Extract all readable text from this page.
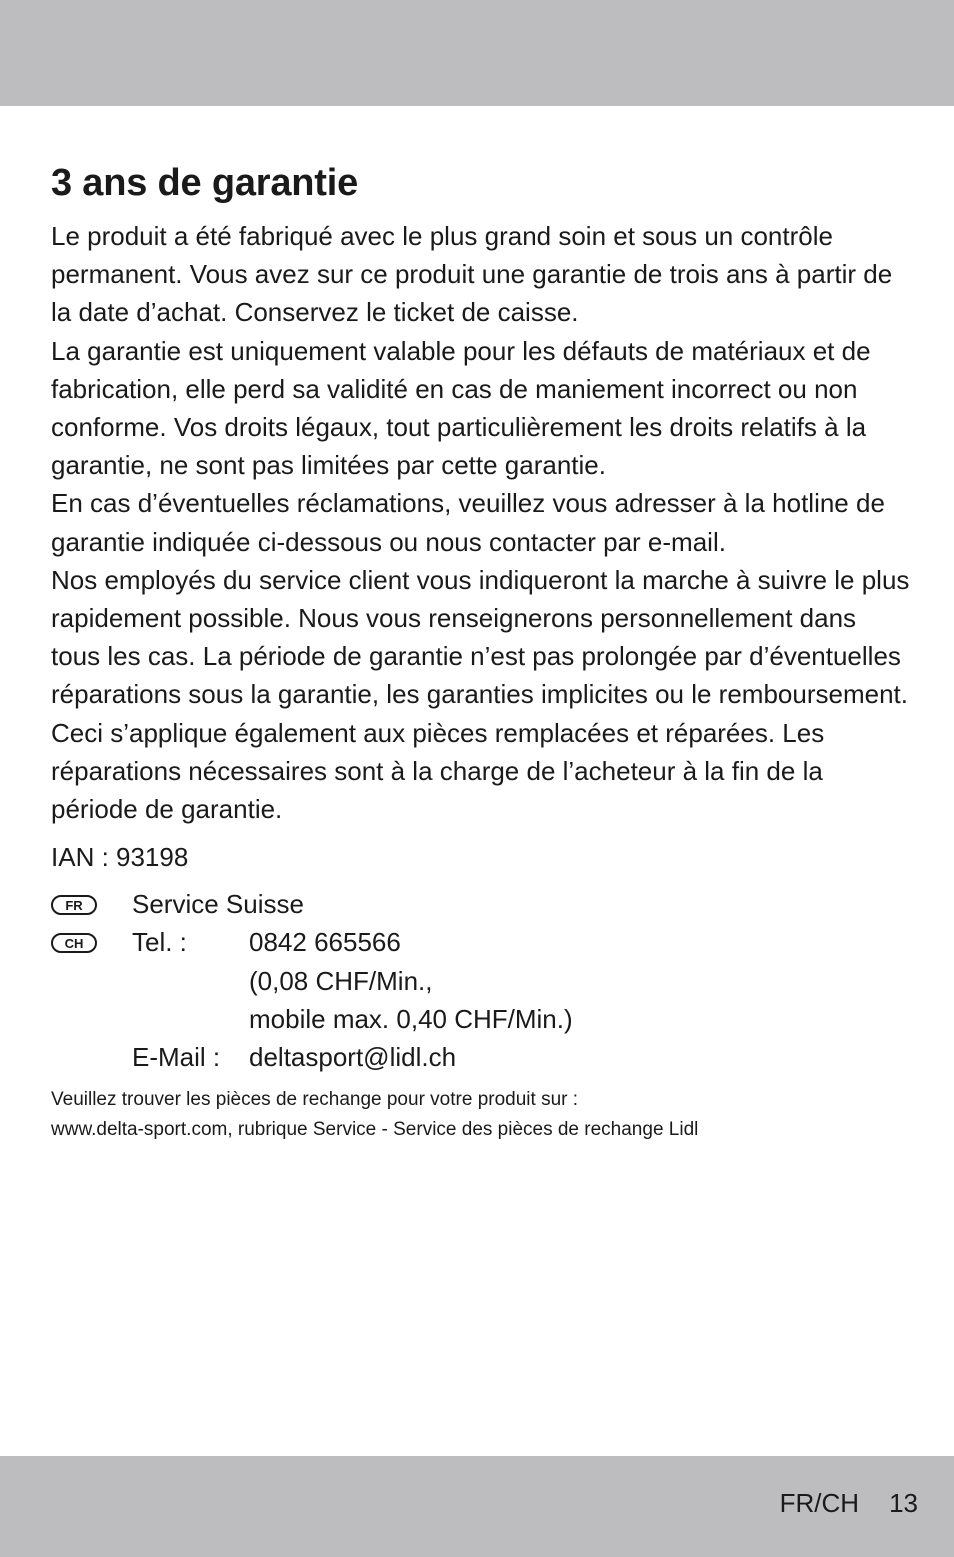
3 ans de garantie

Le produit a été fabriqué avec le plus grand soin et sous un contrôle permanent. Vous avez sur ce produit une garantie de trois ans à partir de la date d’achat. Conservez le ticket de caisse.

La garantie est uniquement valable pour les défauts de matériaux et de fabrication, elle perd sa validité en cas de maniement incorrect ou non conforme. Vos droits légaux, tout particulièrement les droits relatifs à la garantie, ne sont pas limitées par cette garantie.

En cas d’éventuelles réclamations, veuillez vous adresser à la hotline de garantie indiquée ci-dessous ou nous contacter par e-mail.

Nos employés du service client vous indiqueront la marche à suivre le plus rapidement possible. Nous vous renseignerons personnellement dans tous les cas. La période de garantie n’est pas prolongée par d’éventuelles réparations sous la garantie, les garanties implicites ou le remboursement. Ceci s’applique également aux pièces remplacées et réparées. Les réparations nécessaires sont à la charge de l’acheteur à la fin de la période de garantie.

IAN : 93198
FR
CH
Service Suisse
Tel. :	0842 665566
(0,08 CHF/Min.,
mobile max. 0,40 CHF/Min.)
E-Mail :	deltasport@lidl.ch

Veuillez trouver les pièces de rechange pour votre produit sur :

www.delta-sport.com, rubrique Service - Service des pièces de rechange Lidl

FR/CH 13
